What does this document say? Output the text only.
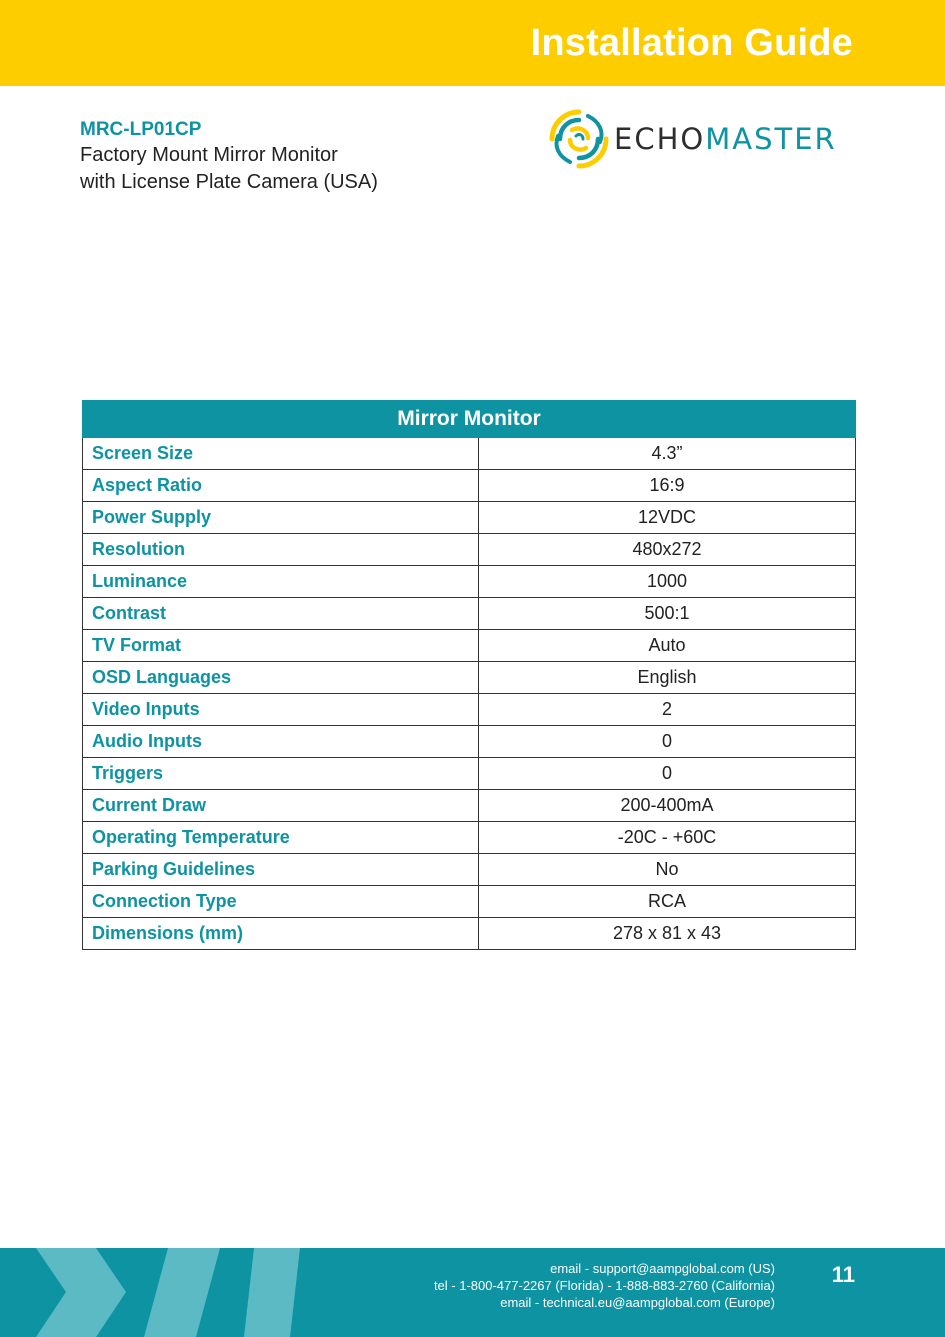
Installation Guide
MRC-LP01CP
Factory Mount Mirror Monitor
with License Plate Camera (USA)
ECHOMASTER
Mirror Monitor	
Screen Size	4.3”
Aspect Ratio	16:9
Power Supply	12VDC
Resolution	480x272
Luminance	1000
Contrast	500:1
TV Format	Auto
OSD Languages	English
Video Inputs	2
Audio Inputs	0
Triggers	0
Current Draw	200-400mA
Operating Temperature	-20C - +60C
Parking Guidelines	No
Connection Type	RCA
Dimensions (mm)	278 x 81 x 43
email - support@aampglobal.com (US)
tel - 1-800-477-2267 (Florida) - 1-888-883-2760 (California)
email - technical.eu@aampglobal.com (Europe)
11
